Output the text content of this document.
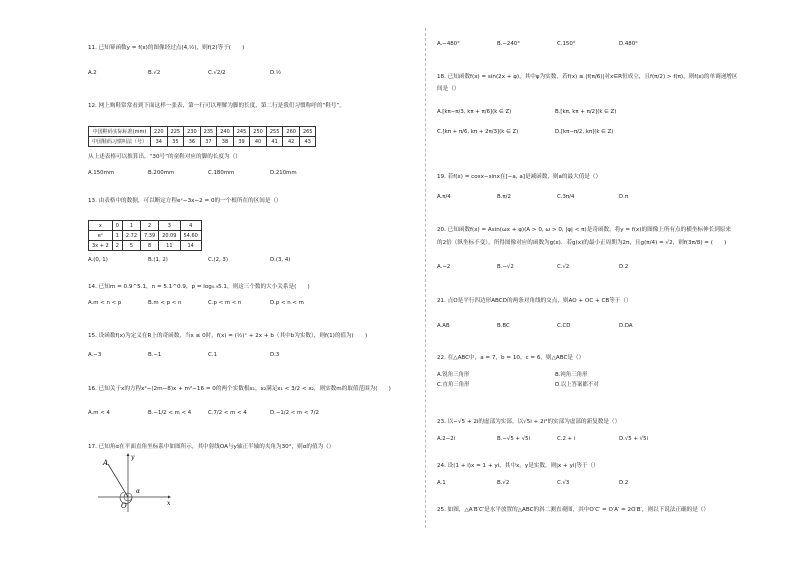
11. 已知幂函数y = f(x)的图像经过点(4,½)，则f(2)等于(　　)
A.2	B.√2	C.√2/2	D.½
12. 网上购鞋常常看到下面这样一张表，第一行可以理解为脚的长度，第二行是我们习惯称呼的“鞋号”。
中国鞋码实际标准(mm)	220	225	230	235	240	245	250	255	260	265
中国鞋码习惯叫法（号）	34	35	36	37	38	39	40	41	42	43
从上述表格可以推算出，“30号”的童鞋对应的脚的长度为（）
A.150mm	B.200mm	C.180mm	D.210mm
13. 由表格中的数据，可以断定方程eˣ−3x−2 = 0的一个根所在的区间是（）
x	0	1	2	3	4
eˣ	1	2.72	7.39	20.09	54.60
3x + 2	2	5	8	11	14
A.(0, 1)	B.(1, 2)	C.(2, 3)	D.(3, 4)
14. 已知m = 0.9^5.1，n = 5.1^0.9，p = log₀.₉5.1，则这三个数的大小关系是(　　)
A.m < n < p	B.m < p < n	C.p < m < n	D.p < n < m
15. 设函数f(x)为定义在R上的奇函数，当x ≤ 0时，f(x) = (½)ˣ + 2x + b（其中b为实数），则f(1)的值为(　　)
A.−3	B.−1	C.1	D.3
16. 已知关于x的方程x²−(2m−8)x + m²−16 = 0的两个实数根x₁，x₂满足x₁ < 3/2 < x₂，则实数m的取值范围为(　　)
A.m < 4	B.−1/2 < m < 4	C.7/2 < m < 4	D.−1/2 < m < 7/2
17. 已知角α在平面直角坐标系中如图所示，其中射线OA与y轴正半轴的夹角为30°，则α的值为（）
A
O	x
y
α
A.−480°	B.−240°	C.150°	D.480°
18. 已知函数f(x) = sin(2x + φ)，其中φ为实数，若f(x) ≤ |f(π/6)|对x∈R恒成立，且f(π/2) > f(π)，则f(x)的单调递增区
间是（）
A.[kπ−π/3, kπ + π/6](k ∈ Z)	B.[kπ, kπ + π/2](k ∈ Z)
C.[kπ + π/6, kπ + 2π/3](k ∈ Z)	D.[kπ−π/2, kπ](k ∈ Z)
19. 若f(x) = cosx−sinx在[−a, a]是减函数，则a的最大值是（）
A.π/4	B.π/2	C.3π/4	D.π
20. 已知函数f(x) = Asin(ωx + φ)(A > 0, ω > 0, |φ| < π)是奇函数，将y = f(x)的图像上所有点的横坐标伸长到原来
的2倍（纵坐标不变），所得图像对应的函数为g(x)．若g(x)的最小正周期为2π，且g(π/4) = √2，则f(3π/8) = (　　)
A.−2	B.−√2	C.√2	D.2
21. 点O是平行四边形ABCD的两条对角线的交点，则AO + OC + CB等于（）
A.AB	B.BC	C.CD	D.DA
22. 在△ABC中，a = 7，b = 10，c = 6，则△ABC是（）
A.锐角三角形	B.钝角三角形
C.直角三角形	D.以上答案都不对
23. 以−√5 + 2i的虚部为实部，以√5i + 2i²的实部为虚部的新复数是（）
A.2−2i	B.−√5 + √5i	C.2 + i	D.√5 + √5i
24. 设(1 + i)x = 1 + yi，其中x，y是实数，则|x + yi|等于（）
A.1	B.√2	C.√3	D.2
25. 如图，△A′B′C′是水平放置的△ABC的斜二测直观图，其中O′C′ = O′A′ = 2O′B′，则以下说法正确的是（）
